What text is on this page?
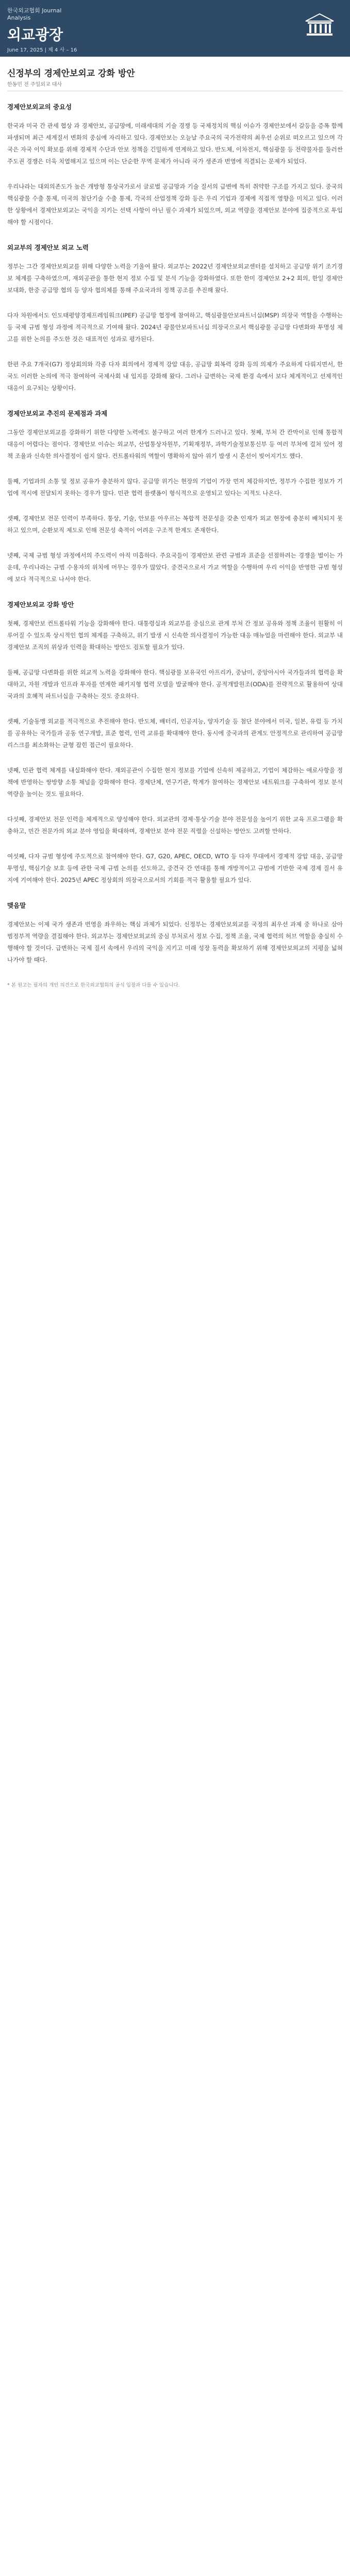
한국외교협회 Journal
Analysis
외교광장
June 17, 2025 | 제 4 사 – 16
신정부의 경제안보외교 강화 방안
한동민 전 주일외교 대사
경제안보외교의 중요성

한국과 미국 간 관세 협상 과 경제안보, 공급망에, 미래세대의 기술 경쟁 등 국제정치의 핵심 이슈가 경제안보에서 갈등을 증폭 함께 파생되며 최근 세계질서 변화의 중심에 자리하고 있다. 경제안보는 오늘날 주요국의 국가전략의 최우선 순위로 떠오르고 있으며 각국은 자국 이익 확보를 위해 경제적 수단과 안보 정책을 긴밀하게 연계하고 있다. 반도체, 이차전지, 핵심광물 등 전략물자를 둘러싼 주도권 경쟁은 더욱 치열해지고 있으며 이는 단순한 무역 문제가 아니라 국가 생존과 번영에 직결되는 문제가 되었다.

우리나라는 대외의존도가 높은 개방형 통상국가로서 글로벌 공급망과 기술 질서의 급변에 특히 취약한 구조를 가지고 있다. 중국의 핵심광물 수출 통제, 미국의 첨단기술 수출 통제, 각국의 산업정책 강화 등은 우리 기업과 경제에 직접적 영향을 미치고 있다. 이러한 상황에서 경제안보외교는 국익을 지키는 선택 사항이 아닌 필수 과제가 되었으며, 외교 역량을 경제안보 분야에 집중적으로 투입해야 할 시점이다.

외교부의 경제안보 외교 노력

정부는 그간 경제안보외교를 위해 다양한 노력을 기울여 왔다. 외교부는 2022년 경제안보외교센터를 설치하고 공급망 위기 조기경보 체계를 구축하였으며, 재외공관을 통한 현지 정보 수집 및 분석 기능을 강화하였다. 또한 한미 경제안보 2+2 회의, 한일 경제안보대화, 한중 공급망 협의 등 양자 협의체를 통해 주요국과의 정책 공조를 추진해 왔다.

다자 차원에서도 인도태평양경제프레임워크(IPEF) 공급망 협정에 참여하고, 핵심광물안보파트너십(MSP) 의장국 역할을 수행하는 등 국제 규범 형성 과정에 적극적으로 기여해 왔다. 2024년 광물안보파트너십 의장국으로서 핵심광물 공급망 다변화와 투명성 제고를 위한 논의를 주도한 것은 대표적인 성과로 평가된다.

한편 주요 7개국(G7) 정상회의와 각종 다자 회의에서 경제적 강압 대응, 공급망 회복력 강화 등의 의제가 주요하게 다뤄지면서, 한국도 이러한 논의에 적극 참여하여 국제사회 내 입지를 강화해 왔다. 그러나 급변하는 국제 환경 속에서 보다 체계적이고 선제적인 대응이 요구되는 상황이다.

경제안보외교 추진의 문제점과 과제

그동안 경제안보외교를 강화하기 위한 다양한 노력에도 불구하고 여러 한계가 드러나고 있다. 첫째, 부처 간 칸막이로 인해 통합적 대응이 어렵다는 점이다. 경제안보 이슈는 외교부, 산업통상자원부, 기획재정부, 과학기술정보통신부 등 여러 부처에 걸쳐 있어 정책 조율과 신속한 의사결정이 쉽지 않다. 컨트롤타워의 역할이 명확하지 않아 위기 발생 시 혼선이 빚어지기도 했다.

둘째, 기업과의 소통 및 정보 공유가 충분하지 않다. 공급망 위기는 현장의 기업이 가장 먼저 체감하지만, 정부가 수집한 정보가 기업에 적시에 전달되지 못하는 경우가 많다. 민관 협력 플랫폼이 형식적으로 운영되고 있다는 지적도 나온다.

셋째, 경제안보 전문 인력이 부족하다. 통상, 기술, 안보를 아우르는 복합적 전문성을 갖춘 인재가 외교 현장에 충분히 배치되지 못하고 있으며, 순환보직 제도로 인해 전문성 축적이 어려운 구조적 한계도 존재한다.

넷째, 국제 규범 형성 과정에서의 주도력이 아직 미흡하다. 주요국들이 경제안보 관련 규범과 표준을 선점하려는 경쟁을 벌이는 가운데, 우리나라는 규범 수용자의 위치에 머무는 경우가 많았다. 중견국으로서 가교 역할을 수행하며 우리 이익을 반영한 규범 형성에 보다 적극적으로 나서야 한다.

경제안보외교 강화 방안

첫째, 경제안보 컨트롤타워 기능을 강화해야 한다. 대통령실과 외교부를 중심으로 관계 부처 간 정보 공유와 정책 조율이 원활히 이루어질 수 있도록 상시적인 협의 체계를 구축하고, 위기 발생 시 신속한 의사결정이 가능한 대응 매뉴얼을 마련해야 한다. 외교부 내 경제안보 조직의 위상과 인력을 확대하는 방안도 검토할 필요가 있다.

둘째, 공급망 다변화를 위한 외교적 노력을 강화해야 한다. 핵심광물 보유국인 아프리카, 중남미, 중앙아시아 국가들과의 협력을 확대하고, 자원 개발과 인프라 투자를 연계한 패키지형 협력 모델을 발굴해야 한다. 공적개발원조(ODA)를 전략적으로 활용하여 상대국과의 호혜적 파트너십을 구축하는 것도 중요하다.

셋째, 기술동맹 외교를 적극적으로 추진해야 한다. 반도체, 배터리, 인공지능, 양자기술 등 첨단 분야에서 미국, 일본, 유럽 등 가치를 공유하는 국가들과 공동 연구개발, 표준 협력, 인력 교류를 확대해야 한다. 동시에 중국과의 관계도 안정적으로 관리하여 공급망 리스크를 최소화하는 균형 잡힌 접근이 필요하다.

넷째, 민관 협력 체계를 내실화해야 한다. 재외공관이 수집한 현지 정보를 기업에 신속히 제공하고, 기업이 체감하는 애로사항을 정책에 반영하는 쌍방향 소통 채널을 강화해야 한다. 경제단체, 연구기관, 학계가 참여하는 경제안보 네트워크를 구축하여 정보 분석 역량을 높이는 것도 필요하다.

다섯째, 경제안보 전문 인력을 체계적으로 양성해야 한다. 외교관의 경제·통상·기술 분야 전문성을 높이기 위한 교육 프로그램을 확충하고, 민간 전문가의 외교 분야 영입을 확대하며, 경제안보 분야 전문 직렬을 신설하는 방안도 고려할 만하다.

여섯째, 다자 규범 형성에 주도적으로 참여해야 한다. G7, G20, APEC, OECD, WTO 등 다자 무대에서 경제적 강압 대응, 공급망 투명성, 핵심기술 보호 등에 관한 국제 규범 논의를 선도하고, 중견국 간 연대를 통해 개방적이고 규범에 기반한 국제 경제 질서 유지에 기여해야 한다. 2025년 APEC 정상회의 의장국으로서의 기회를 적극 활용할 필요가 있다.

맺음말

경제안보는 이제 국가 생존과 번영을 좌우하는 핵심 과제가 되었다. 신정부는 경제안보외교를 국정의 최우선 과제 중 하나로 삼아 범정부적 역량을 결집해야 한다. 외교부는 경제안보외교의 중심 부처로서 정보 수집, 정책 조율, 국제 협력의 허브 역할을 충실히 수행해야 할 것이다. 급변하는 국제 질서 속에서 우리의 국익을 지키고 미래 성장 동력을 확보하기 위해 경제안보외교의 지평을 넓혀 나가야 할 때다.

* 본 원고는 필자의 개인 의견으로 한국외교협회의 공식 입장과 다를 수 있습니다.
